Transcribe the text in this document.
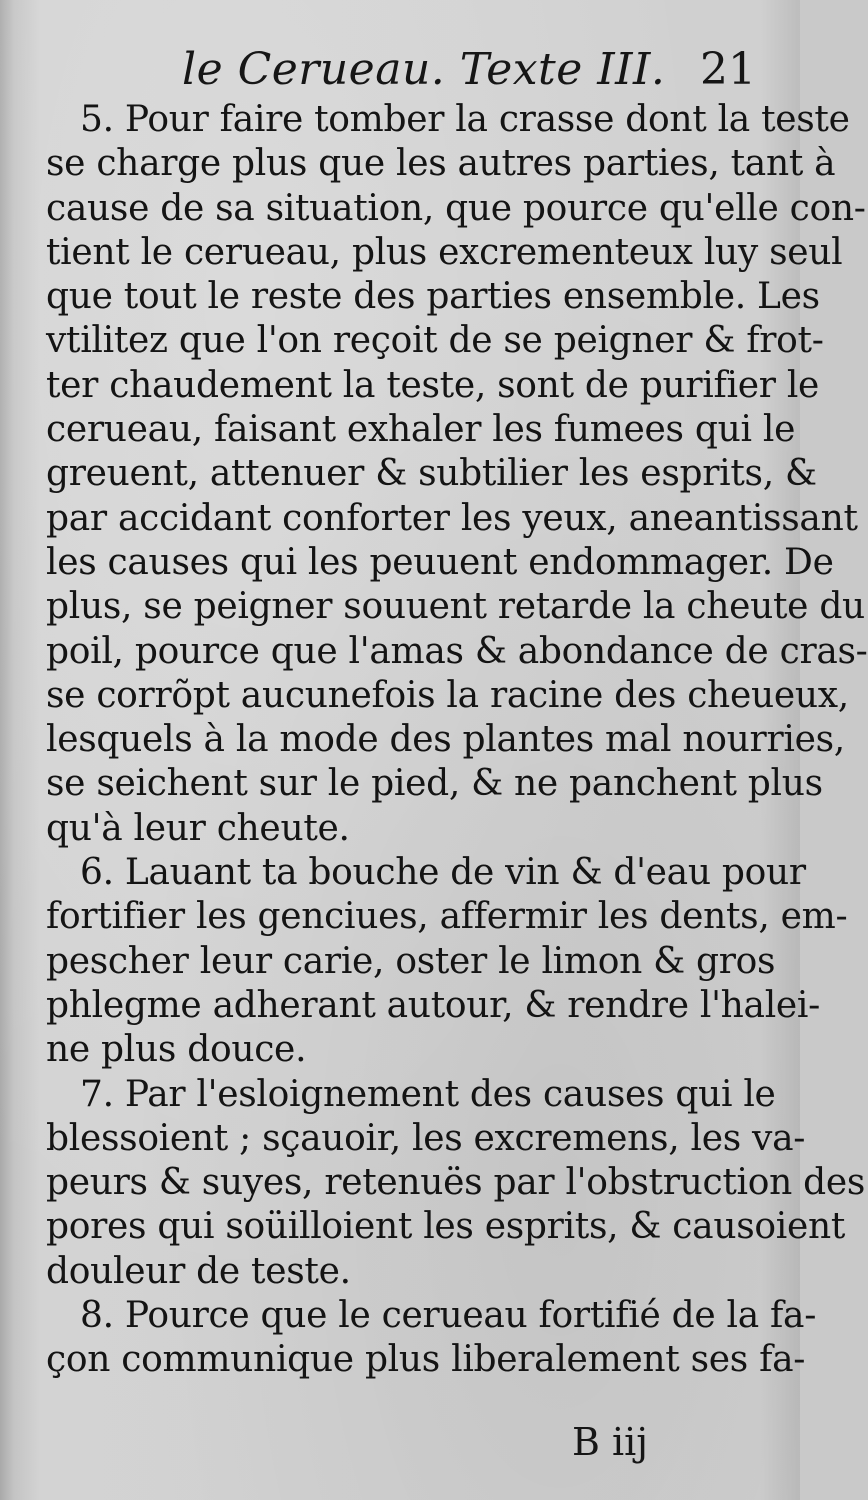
le Cerueau. Texte III. 21
5. Pour faire tomber la crasse dont la teste
se charge plus que les autres parties, tant à
cause de sa situation, que pource qu'elle con-
tient le cerueau, plus excrementeux luy seul
que tout le reste des parties ensemble. Les
vtilitez que l'on reçoit de se peigner & frot-
ter chaudement la teste, sont de purifier le
cerueau, faisant exhaler les fumees qui le
greuent, attenuer & subtilier les esprits, &
par accidant conforter les yeux, aneantissant
les causes qui les peuuent endommager. De
plus, se peigner souuent retarde la cheute du
poil, pource que l'amas & abondance de cras-
se corrõpt aucunefois la racine des cheueux,
lesquels à la mode des plantes mal nourries,
se seichent sur le pied, & ne panchent plus
qu'à leur cheute.
6. Lauant ta bouche de vin & d'eau pour
fortifier les genciues, affermir les dents, em-
pescher leur carie, oster le limon & gros
phlegme adherant autour, & rendre l'halei-
ne plus douce.
7. Par l'esloignement des causes qui le
blessoient ; sçauoir, les excremens, les va-
peurs & suyes, retenuës par l'obstruction des
pores qui soüilloient les esprits, & causoient
douleur de teste.
8. Pource que le cerueau fortifié de la fa-
çon communique plus liberalement ses fa-
B iij
